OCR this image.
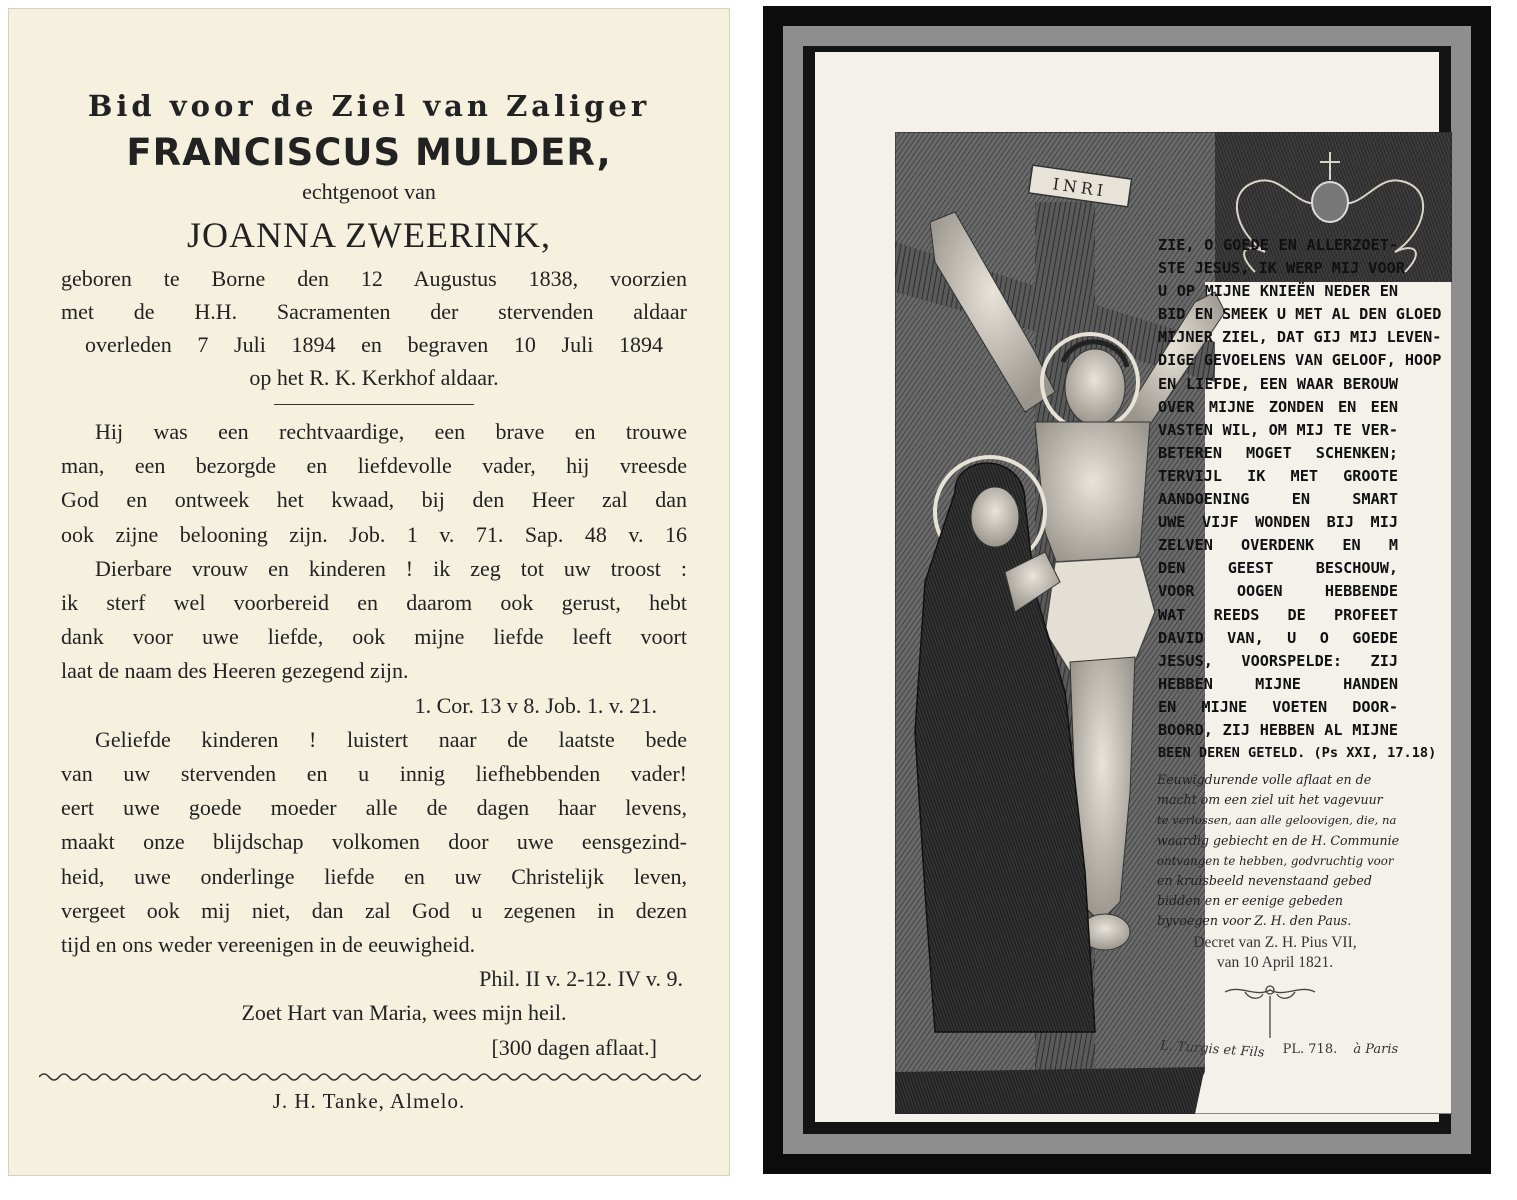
Bid voor de Ziel van Zaliger
FRANCISCUS MULDER,
echtgenoot van
JOANNA ZWEERINK,
geboren te Borne den 12 Augustus 1838, voorzien
met de H.H. Sacramenten der stervenden aldaar
overleden 7 Juli 1894 en begraven 10 Juli 1894
op het R. K. Kerkhof aldaar.
Hij was een rechtvaardige, een brave en trouwe
man, een bezorgde en liefdevolle vader, hij vreesde
God en ontweek het kwaad, bij den Heer zal dan
ook zijne belooning zijn. Job. 1 v. 71. Sap. 48 v. 16
Dierbare vrouw en kinderen ! ik zeg tot uw troost :
ik sterf wel voorbereid en daarom ook gerust, hebt
dank voor uwe liefde, ook mijne liefde leeft voort
laat de naam des Heeren gezegend zijn.
1. Cor. 13 v 8. Job. 1. v. 21.
Geliefde kinderen ! luistert naar de laatste bede
van uw stervenden en u innig liefhebbenden vader!
eert uwe goede moeder alle de dagen haar levens,
maakt onze blijdschap volkomen door uwe eensgezind-
heid, uwe onderlinge liefde en uw Christelijk leven,
vergeet ook mij niet, dan zal God u zegenen in dezen
tijd en ons weder vereenigen in de eeuwigheid.
Phil. II v. 2-12. IV v. 9.
Zoet Hart van Maria, wees mijn heil.
[300 dagen aflaat.]
J. H. Tanke, Almelo.
INRI
ZIE, O GOEDE EN ALLERZOET-
STE JESUS, IK WERP MIJ VOOR
U OP MIJNE KNIEËN NEDER EN
BID EN SMEEK U MET AL DEN GLOED
MIJNER ZIEL, DAT GIJ MIJ LEVEN-
DIGE GEVOELENS VAN GELOOF, HOOP
EN LIEFDE, EEN WAAR BEROUW
OVER MIJNE ZONDEN EN EEN
VASTEN WIL, OM MIJ TE VER-
BETEREN MOGET SCHENKEN;
TERVIJL IK MET GROOTE
AANDOENING EN SMART
UWE VIJF WONDEN BIJ MIJ
ZELVEN OVERDENK EN M
DEN GEEST BESCHOUW,
VOOR OOGEN HEBBENDE
WAT REEDS DE PROFEET
DAVID VAN, U O GOEDE
JESUS, VOORSPELDE: ZIJ
HEBBEN MIJNE HANDEN
EN MIJNE VOETEN DOOR-
BOORD, ZIJ HEBBEN AL MIJNE
BEEN DEREN GETELD. (Ps XXI, 17.18)
Eeuwigdurende volle aflaat en de
macht om een ziel uit het vagevuur
te verlossen, aan alle geloovigen, die, na
waardig gebiecht en de H. Communie
ontvangen te hebben, godvruchtig voor
en kruisbeeld nevenstaand gebed
bidden en er eenige gebeden
byvoegen voor Z. H. den Paus.
Decret van Z. H. Pius VII,
van 10 April 1821.
L. Turgis et Fils PL. 718. à Paris
